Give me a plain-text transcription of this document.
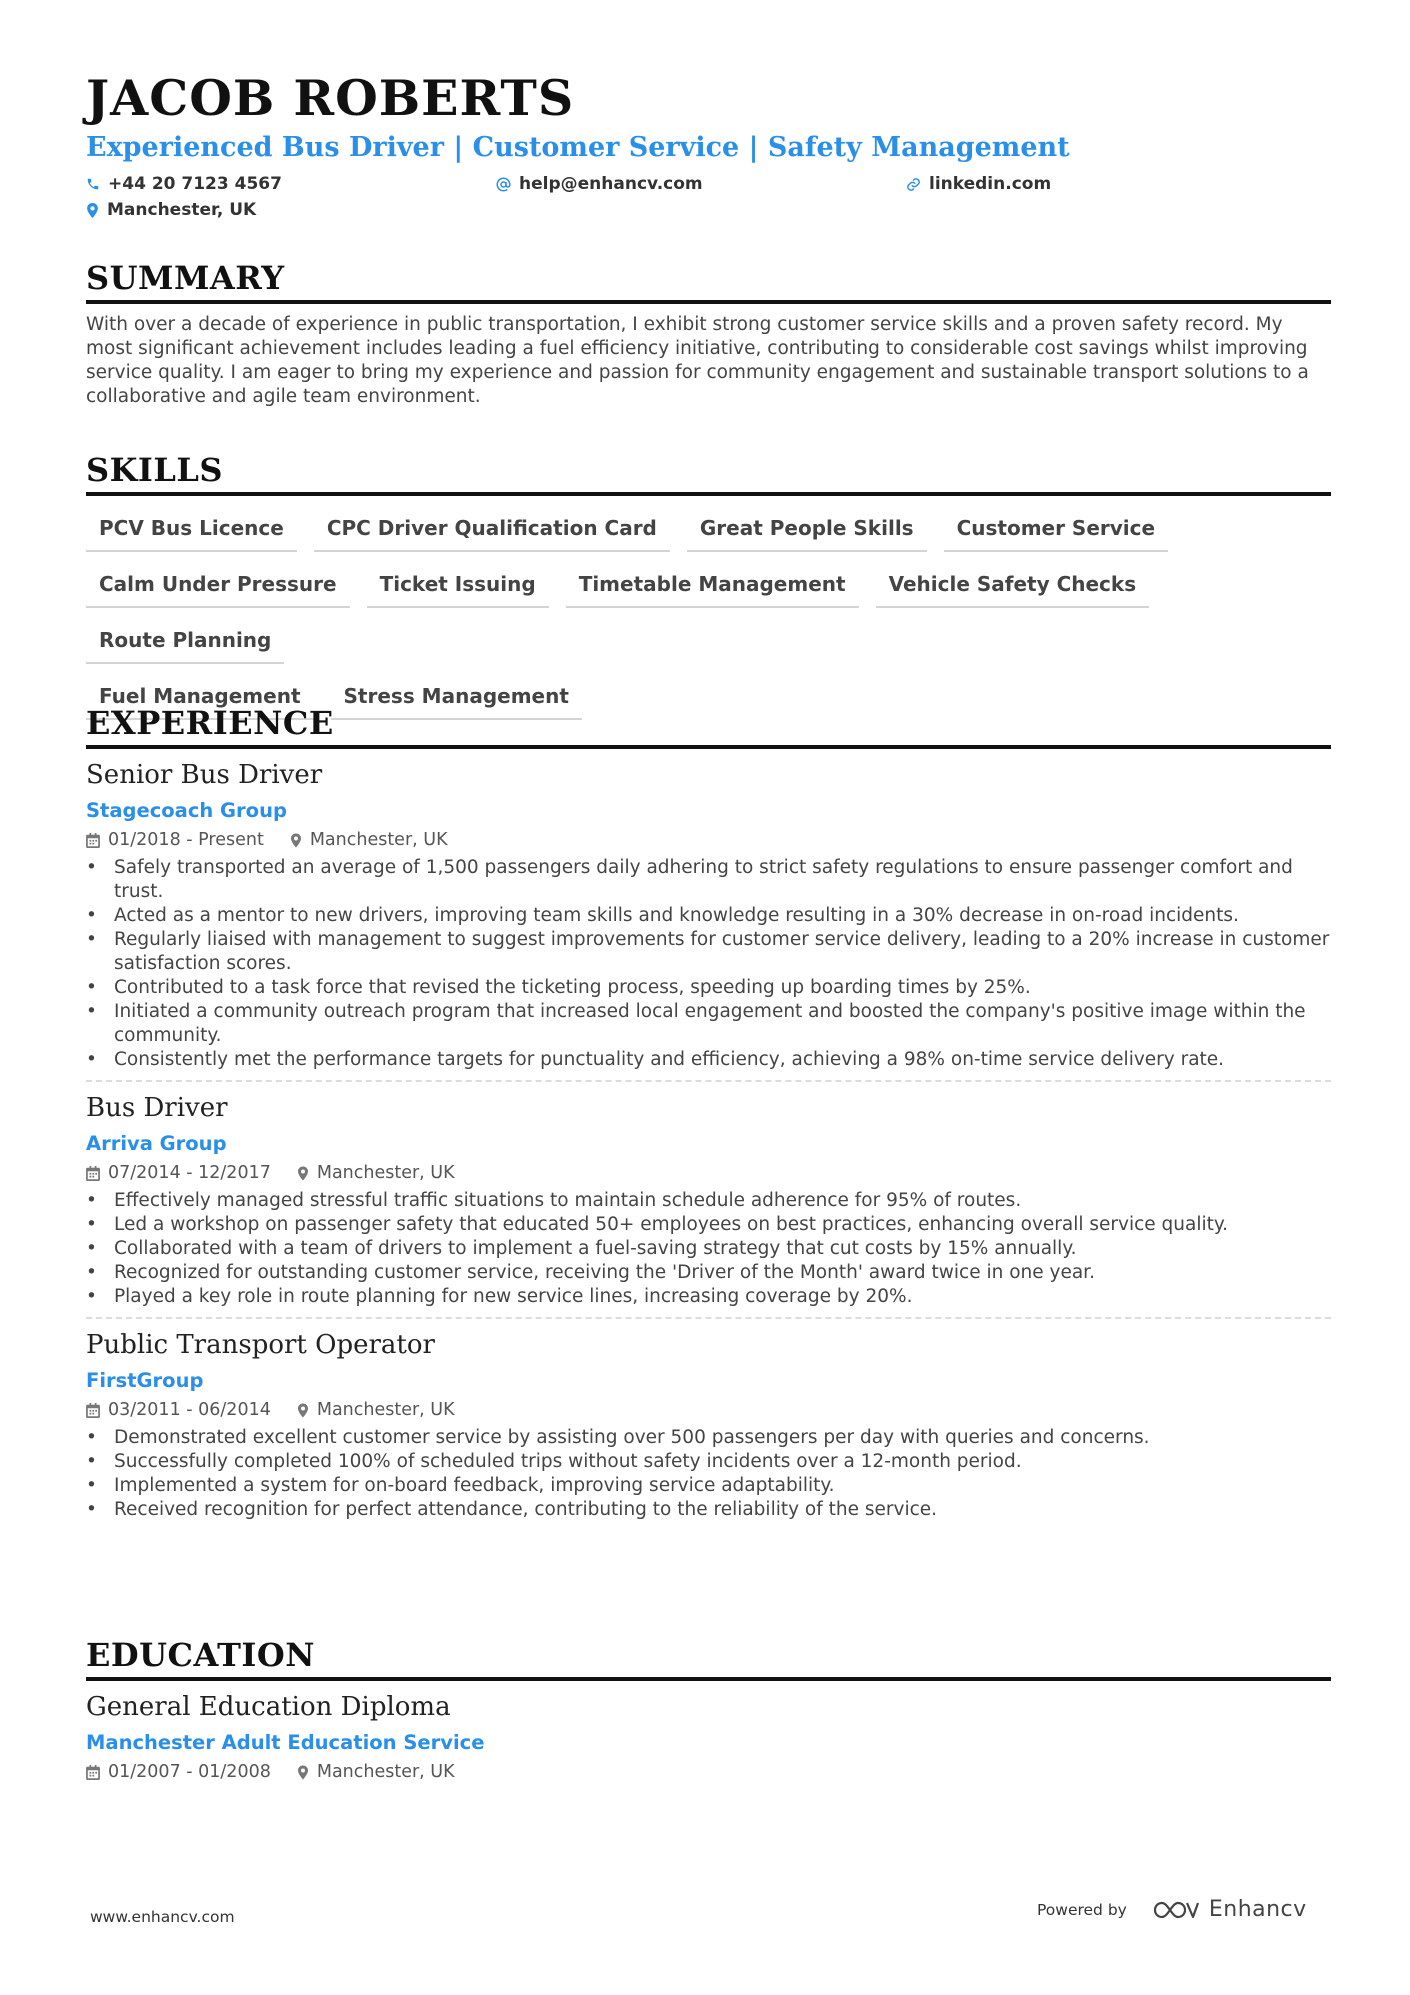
JACOB ROBERTS
Experienced Bus Driver | Customer Service | Safety Management
+44 20 7123 4567	help@enhancv.com	linkedin.com
Manchester, UK
SUMMARY
With over a decade of experience in public transportation, I exhibit strong customer service skills and a proven safety record. My most significant achievement includes leading a fuel efficiency initiative, contributing to considerable cost savings whilst improving service quality. I am eager to bring my experience and passion for community engagement and sustainable transport solutions to a collaborative and agile team environment.
SKILLS
PCV Bus Licence	CPC Driver Qualification Card	Great People Skills	Customer Service
Calm Under Pressure	Ticket Issuing	Timetable Management	Vehicle Safety Checks
Route Planning
Fuel Management	Stress Management
EXPERIENCE
Senior Bus Driver
Stagecoach Group
01/2018 - Present	Manchester, UK
• Safely transported an average of 1,500 passengers daily adhering to strict safety regulations to ensure passenger comfort and trust.
• Acted as a mentor to new drivers, improving team skills and knowledge resulting in a 30% decrease in on-road incidents.
• Regularly liaised with management to suggest improvements for customer service delivery, leading to a 20% increase in customer satisfaction scores.
• Contributed to a task force that revised the ticketing process, speeding up boarding times by 25%.
• Initiated a community outreach program that increased local engagement and boosted the company's positive image within the community.
• Consistently met the performance targets for punctuality and efficiency, achieving a 98% on-time service delivery rate.
Bus Driver
Arriva Group
07/2014 - 12/2017	Manchester, UK
• Effectively managed stressful traffic situations to maintain schedule adherence for 95% of routes.
• Led a workshop on passenger safety that educated 50+ employees on best practices, enhancing overall service quality.
• Collaborated with a team of drivers to implement a fuel-saving strategy that cut costs by 15% annually.
• Recognized for outstanding customer service, receiving the 'Driver of the Month' award twice in one year.
• Played a key role in route planning for new service lines, increasing coverage by 20%.
Public Transport Operator
FirstGroup
03/2011 - 06/2014	Manchester, UK
• Demonstrated excellent customer service by assisting over 500 passengers per day with queries and concerns.
• Successfully completed 100% of scheduled trips without safety incidents over a 12-month period.
• Implemented a system for on-board feedback, improving service adaptability.
• Received recognition for perfect attendance, contributing to the reliability of the service.
EDUCATION
General Education Diploma
Manchester Adult Education Service
01/2007 - 01/2008	Manchester, UK
www.enhancv.com	Powered by	Enhancv
